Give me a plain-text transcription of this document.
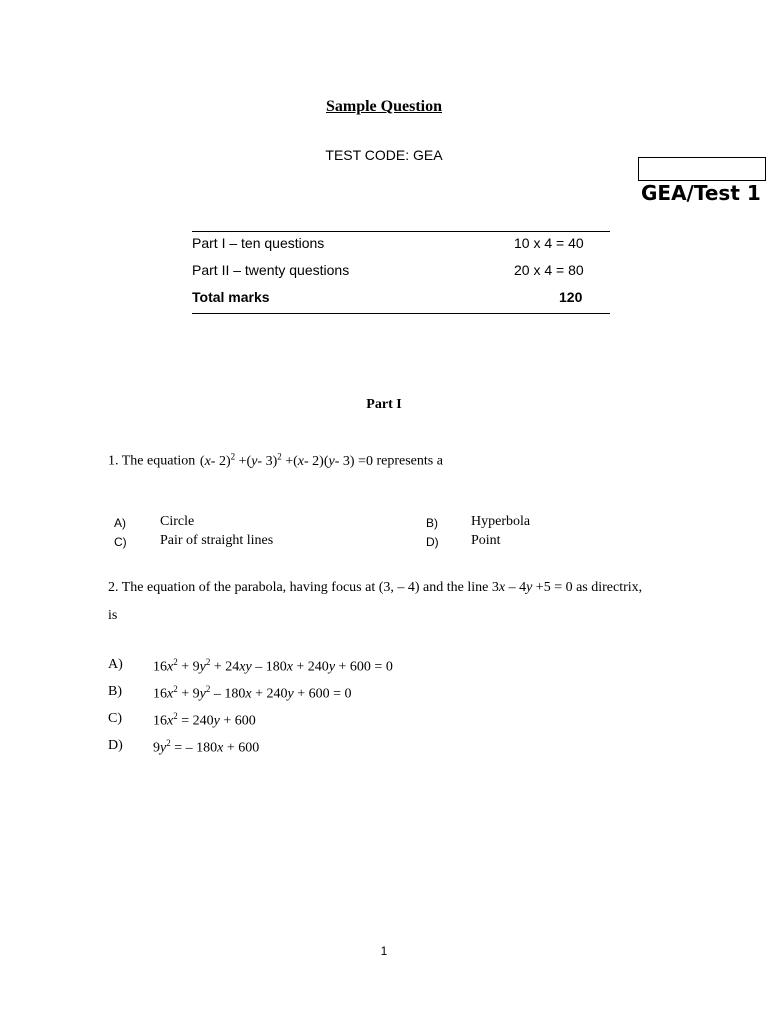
Sample Question
TEST CODE: GEA
GEA/Test 1
Part I – ten questions	10 x 4 = 40
Part II – twenty questions	20 x 4 = 80
Total marks	120
Part I
1. The equation  (x- 2)$^2$ +(y- 3)$^2$ +(x- 2)(y- 3) =0 represents a
A) Circle	B) Hyperbola
C) Pair of straight lines	D) Point
2. The equation of the parabola, having focus at (3, – 4) and the line 3x – 4y +5 = 0 as directrix, is
A) $16x^2 + 9y^2 + 24xy - 180x + 240y + 600 = 0$
B) $16x^2 + 9y^2 - 180x + 240y + 600 = 0$
C) $16x^2 = 240y + 600$
D) $9y^2$ = – 180x + 600
1
